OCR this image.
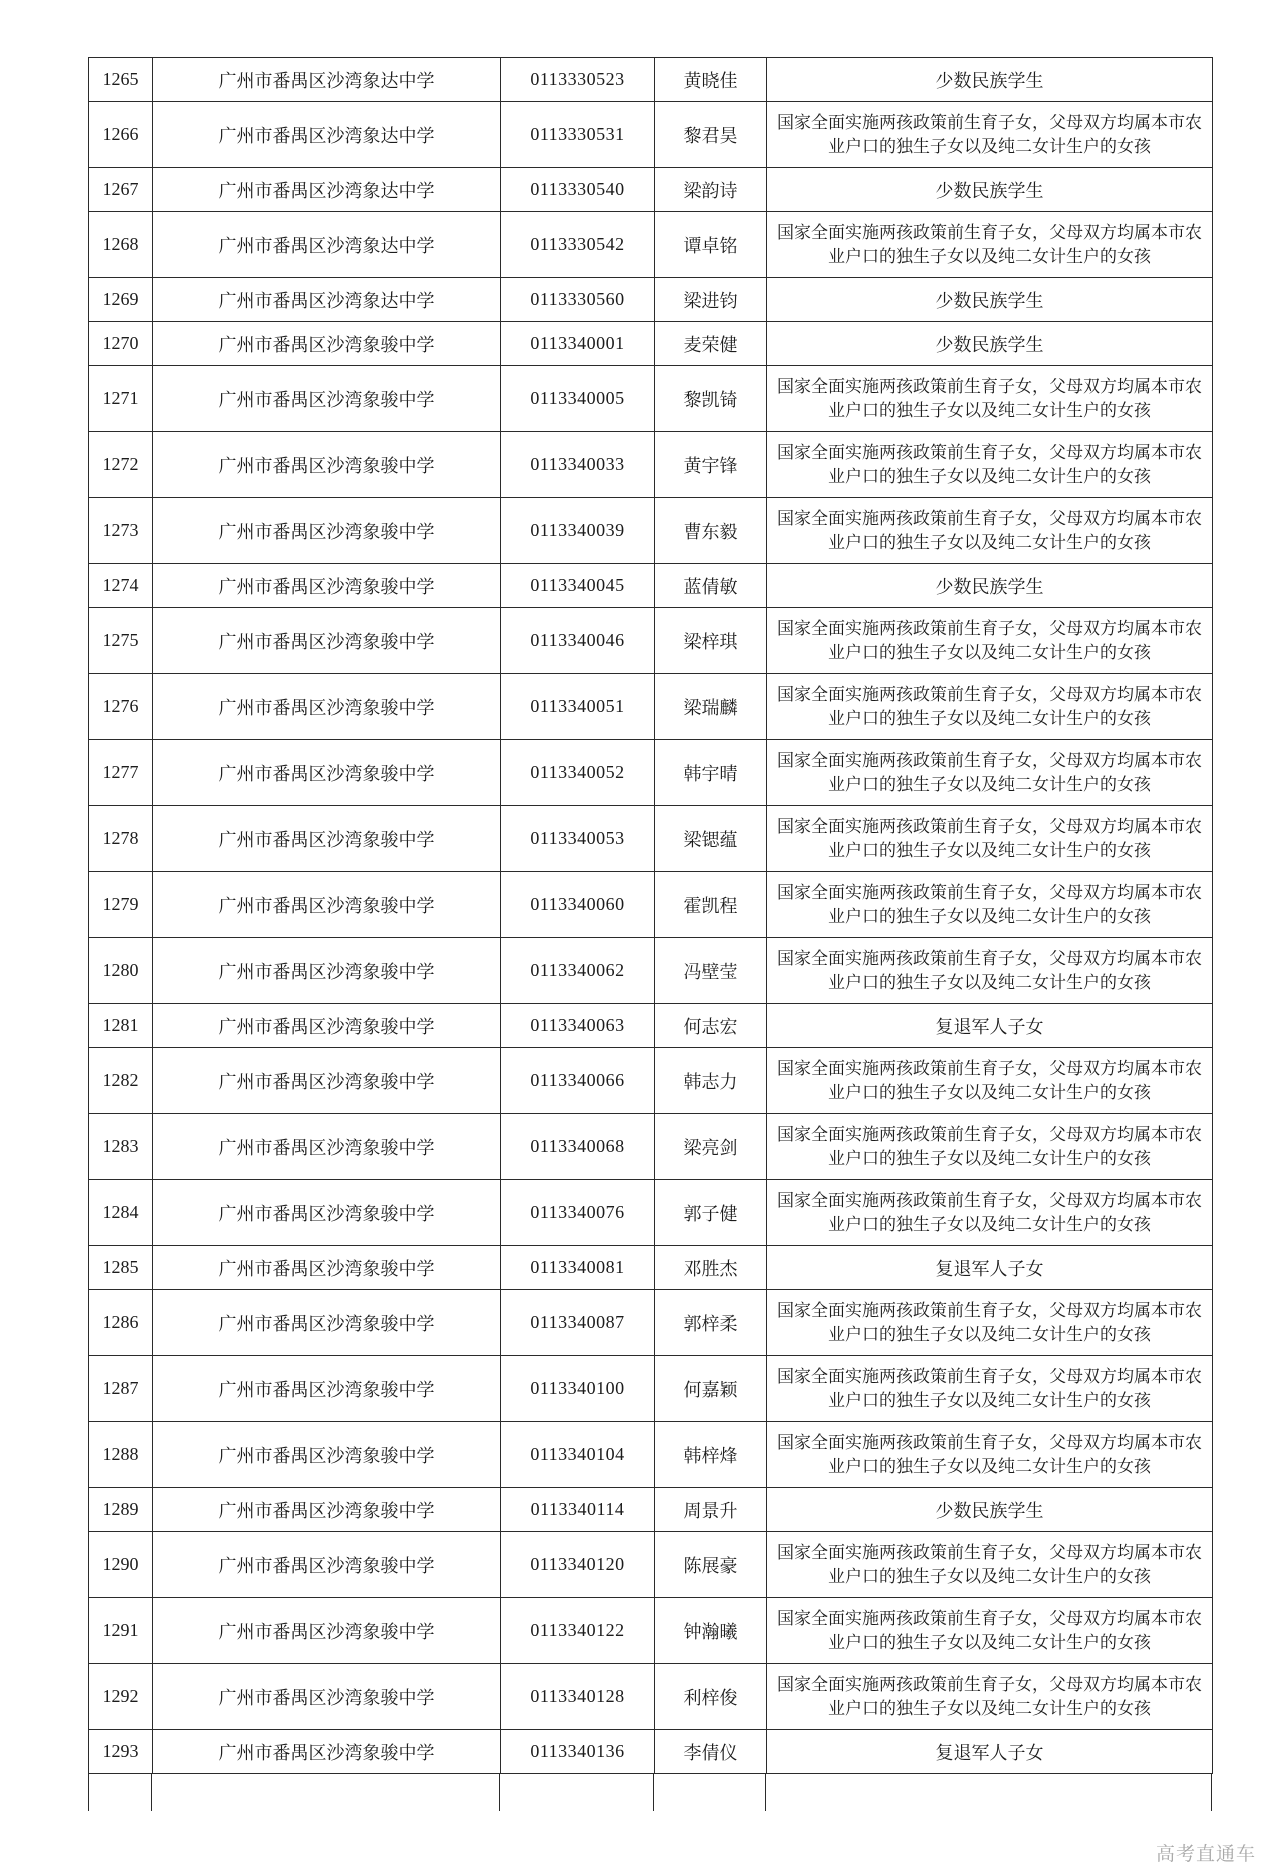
1265	广州市番禺区沙湾象达中学	0113330523	黄晓佳	少数民族学生
1266	广州市番禺区沙湾象达中学	0113330531	黎君昊	国家全面实施两孩政策前生育子女，父母双方均属本市农业户口的独生子女以及纯二女计生户的女孩
1267	广州市番禺区沙湾象达中学	0113330540	梁韵诗	少数民族学生
1268	广州市番禺区沙湾象达中学	0113330542	谭卓铭	国家全面实施两孩政策前生育子女，父母双方均属本市农业户口的独生子女以及纯二女计生户的女孩
1269	广州市番禺区沙湾象达中学	0113330560	梁进钧	少数民族学生
1270	广州市番禺区沙湾象骏中学	0113340001	麦荣健	少数民族学生
1271	广州市番禺区沙湾象骏中学	0113340005	黎凯锜	国家全面实施两孩政策前生育子女，父母双方均属本市农业户口的独生子女以及纯二女计生户的女孩
1272	广州市番禺区沙湾象骏中学	0113340033	黄宇锋	国家全面实施两孩政策前生育子女，父母双方均属本市农业户口的独生子女以及纯二女计生户的女孩
1273	广州市番禺区沙湾象骏中学	0113340039	曹东毅	国家全面实施两孩政策前生育子女，父母双方均属本市农业户口的独生子女以及纯二女计生户的女孩
1274	广州市番禺区沙湾象骏中学	0113340045	蓝倩敏	少数民族学生
1275	广州市番禺区沙湾象骏中学	0113340046	梁梓琪	国家全面实施两孩政策前生育子女，父母双方均属本市农业户口的独生子女以及纯二女计生户的女孩
1276	广州市番禺区沙湾象骏中学	0113340051	梁瑞麟	国家全面实施两孩政策前生育子女，父母双方均属本市农业户口的独生子女以及纯二女计生户的女孩
1277	广州市番禺区沙湾象骏中学	0113340052	韩宇晴	国家全面实施两孩政策前生育子女，父母双方均属本市农业户口的独生子女以及纯二女计生户的女孩
1278	广州市番禺区沙湾象骏中学	0113340053	梁锶蕴	国家全面实施两孩政策前生育子女，父母双方均属本市农业户口的独生子女以及纯二女计生户的女孩
1279	广州市番禺区沙湾象骏中学	0113340060	霍凯程	国家全面实施两孩政策前生育子女，父母双方均属本市农业户口的独生子女以及纯二女计生户的女孩
1280	广州市番禺区沙湾象骏中学	0113340062	冯壁莹	国家全面实施两孩政策前生育子女，父母双方均属本市农业户口的独生子女以及纯二女计生户的女孩
1281	广州市番禺区沙湾象骏中学	0113340063	何志宏	复退军人子女
1282	广州市番禺区沙湾象骏中学	0113340066	韩志力	国家全面实施两孩政策前生育子女，父母双方均属本市农业户口的独生子女以及纯二女计生户的女孩
1283	广州市番禺区沙湾象骏中学	0113340068	梁亮剑	国家全面实施两孩政策前生育子女，父母双方均属本市农业户口的独生子女以及纯二女计生户的女孩
1284	广州市番禺区沙湾象骏中学	0113340076	郭子健	国家全面实施两孩政策前生育子女，父母双方均属本市农业户口的独生子女以及纯二女计生户的女孩
1285	广州市番禺区沙湾象骏中学	0113340081	邓胜杰	复退军人子女
1286	广州市番禺区沙湾象骏中学	0113340087	郭梓柔	国家全面实施两孩政策前生育子女，父母双方均属本市农业户口的独生子女以及纯二女计生户的女孩
1287	广州市番禺区沙湾象骏中学	0113340100	何嘉颖	国家全面实施两孩政策前生育子女，父母双方均属本市农业户口的独生子女以及纯二女计生户的女孩
1288	广州市番禺区沙湾象骏中学	0113340104	韩梓烽	国家全面实施两孩政策前生育子女，父母双方均属本市农业户口的独生子女以及纯二女计生户的女孩
1289	广州市番禺区沙湾象骏中学	0113340114	周景升	少数民族学生
1290	广州市番禺区沙湾象骏中学	0113340120	陈展豪	国家全面实施两孩政策前生育子女，父母双方均属本市农业户口的独生子女以及纯二女计生户的女孩
1291	广州市番禺区沙湾象骏中学	0113340122	钟瀚曦	国家全面实施两孩政策前生育子女，父母双方均属本市农业户口的独生子女以及纯二女计生户的女孩
1292	广州市番禺区沙湾象骏中学	0113340128	利梓俊	国家全面实施两孩政策前生育子女，父母双方均属本市农业户口的独生子女以及纯二女计生户的女孩
1293	广州市番禺区沙湾象骏中学	0113340136	李倩仪	复退军人子女
高考直通车
